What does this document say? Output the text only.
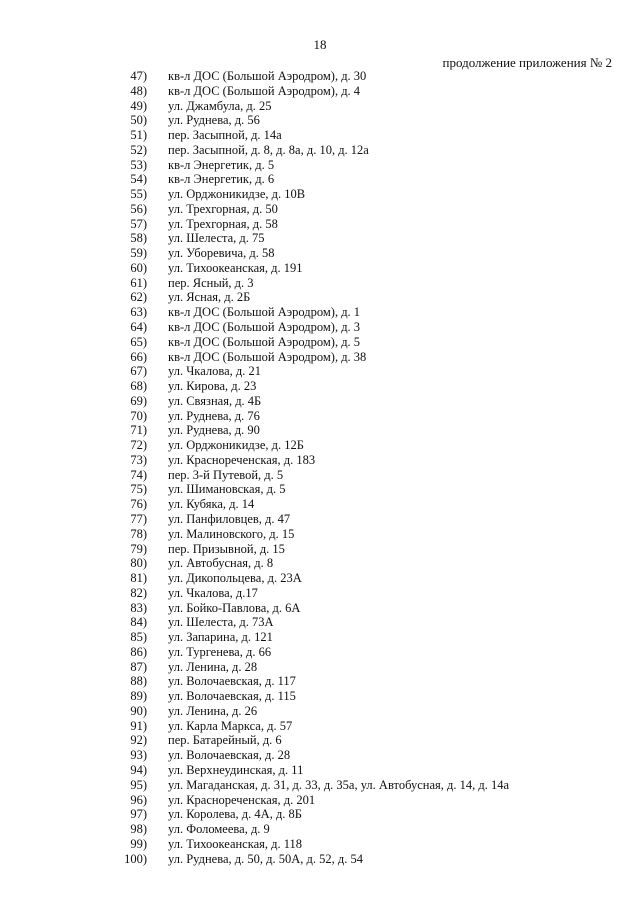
18
продолжение приложения № 2
47) кв-л ДОС (Большой Аэродром), д. 30
48) кв-л ДОС (Большой Аэродром), д. 4
49) ул. Джамбула, д. 25
50) ул. Руднева, д. 56
51) пер. Засыпной, д. 14а
52) пер. Засыпной, д. 8, д. 8а, д. 10, д. 12а
53) кв-л Энергетик, д. 5
54) кв-л Энергетик, д. 6
55) ул. Орджоникидзе, д. 10В
56) ул. Трехгорная, д. 50
57) ул. Трехгорная, д. 58
58) ул. Шелеста, д. 75
59) ул. Уборевича, д. 58
60) ул. Тихоокеанская, д. 191
61) пер. Ясный, д. 3
62) ул. Ясная, д. 2Б
63) кв-л ДОС (Большой Аэродром), д. 1
64) кв-л ДОС (Большой Аэродром), д. 3
65) кв-л ДОС (Большой Аэродром), д. 5
66) кв-л ДОС (Большой Аэродром), д. 38
67) ул. Чкалова, д. 21
68) ул. Кирова, д. 23
69) ул. Связная, д. 4Б
70) ул. Руднева, д. 76
71) ул. Руднева, д. 90
72) ул. Орджоникидзе, д. 12Б
73) ул. Краснореченская, д. 183
74) пер. 3-й Путевой, д. 5
75) ул. Шимановская, д. 5
76) ул. Кубяка, д. 14
77) ул. Панфиловцев, д. 47
78) ул. Малиновского, д. 15
79) пер. Призывной, д. 15
80) ул. Автобусная, д. 8
81) ул. Дикопольцева, д. 23А
82) ул. Чкалова, д.17
83) ул. Бойко-Павлова, д. 6А
84) ул. Шелеста, д. 73А
85) ул. Запарина, д. 121
86) ул. Тургенева, д. 66
87) ул. Ленина, д. 28
88) ул. Волочаевская, д. 117
89) ул. Волочаевская, д. 115
90) ул. Ленина, д. 26
91) ул. Карла Маркса, д. 57
92) пер. Батарейный, д. 6
93) ул. Волочаевская, д. 28
94) ул. Верхнеудинская, д. 11
95) ул. Магаданская, д. 31, д. 33, д. 35а, ул. Автобусная, д. 14, д. 14а
96) ул. Краснореченская, д. 201
97) ул. Королева, д. 4А, д. 8Б
98) ул. Фоломеева, д. 9
99) ул. Тихоокеанская, д. 118
100) ул. Руднева, д. 50, д. 50А, д. 52, д. 54
